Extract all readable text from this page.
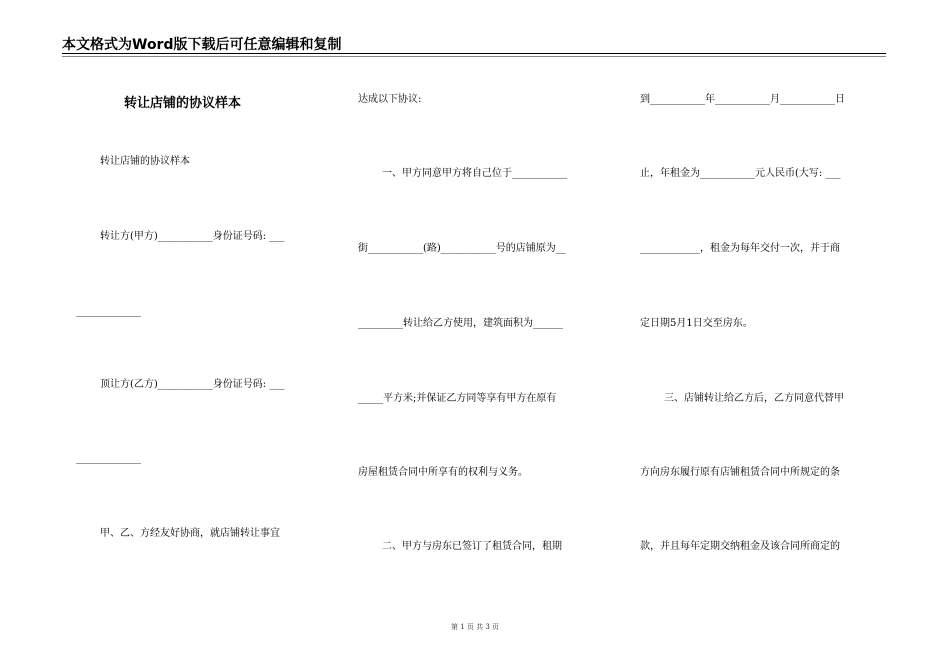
本文格式为Word版下载后可任意编辑和复制
转让店铺的协议样本
转让店铺的协议样本
转让方(甲方)___________身份证号码: ___
_____________
顶让方(乙方)___________身份证号码: ___
_____________
甲、乙、方经友好协商，就店铺转让事宜
达成以下协议:
一、甲方同意甲方将自己位于___________
街___________(路)___________号的店铺原为__
_________转让给乙方使用，建筑面积为______
_____平方米;并保证乙方同等享有甲方在原有
房屋租赁合同中所享有的权利与义务。
二、甲方与房东已签订了租赁合同，租期
到___________年___________月___________日
止，年租金为___________元人民币(大写: ___
____________，租金为每年交付一次，并于商
定日期5月1日交至房东。
三、店铺转让给乙方后，乙方同意代替甲
方向房东履行原有店铺租赁合同中所规定的条
款，并且每年定期交纳租金及该合同所商定的
第 1 页 共 3 页
